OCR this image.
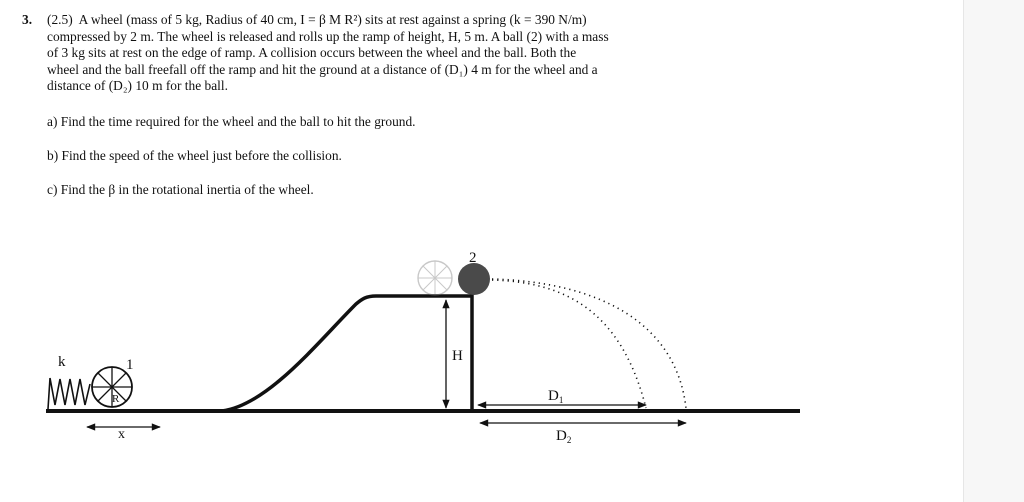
3. (2.5) A wheel (mass of 5 kg, Radius of 40 cm, I = β M R²) sits at rest against a spring (k = 390 N/m)
compressed by 2 m. The wheel is released and rolls up the ramp of height, H, 5 m. A ball (2) with a mass
of 3 kg sits at rest on the edge of ramp. A collision occurs between the wheel and the ball. Both the
wheel and the ball freefall off the ramp and hit the ground at a distance of (D₁) 4 m for the wheel and a
distance of (D₂) 10 m for the ball.
a) Find the time required for the wheel and the ball to hit the ground.
b) Find the speed of the wheel just before the collision.
c) Find the β in the rotational inertia of the wheel.
k	1
R
x
2
H
$D_1$
$D_2$
